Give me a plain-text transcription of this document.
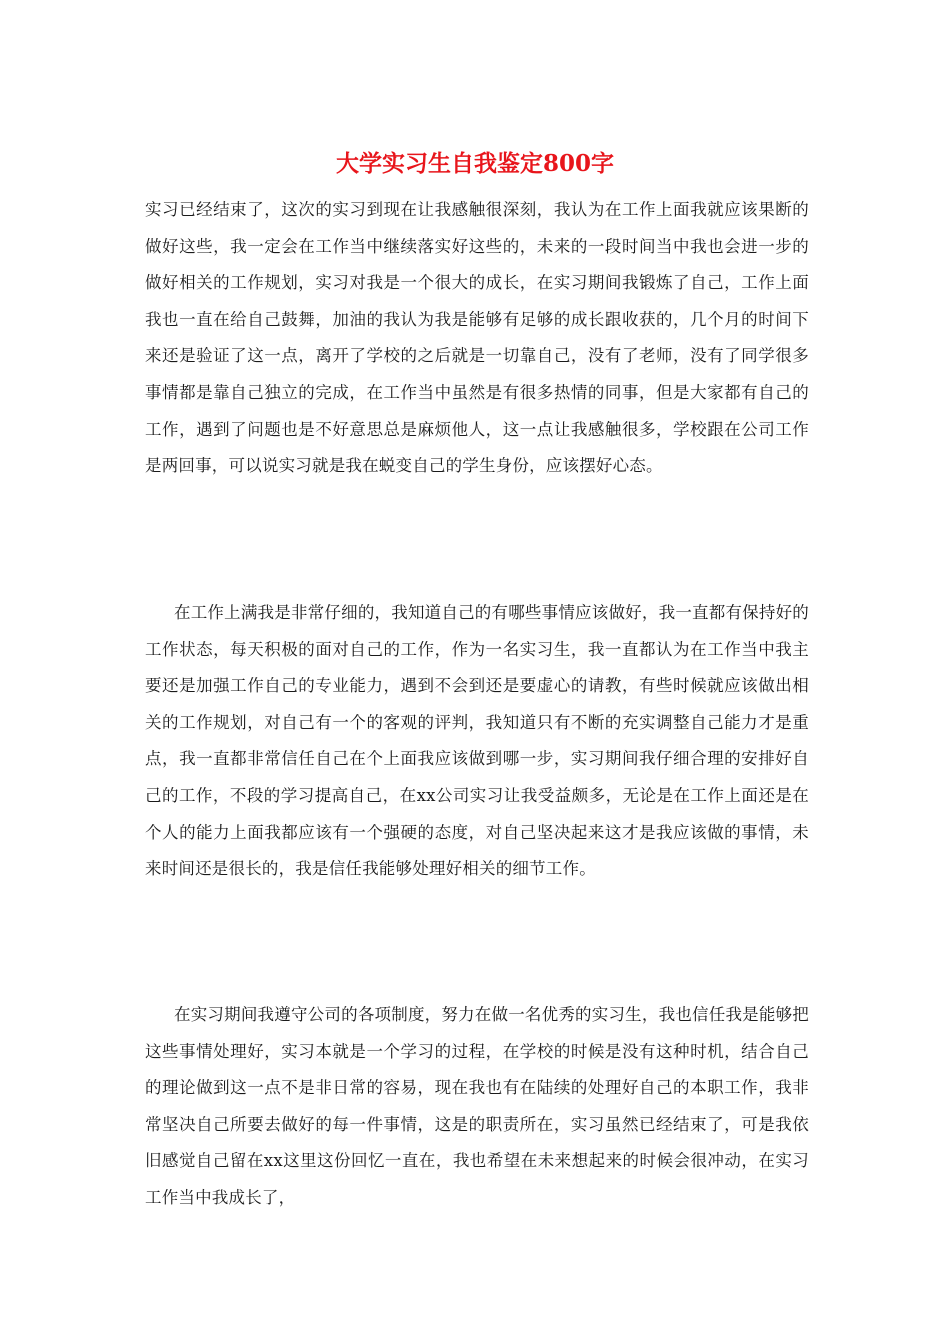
大学实习生自我鉴定800字

实习已经结束了，这次的实习到现在让我感触很深刻，我认为在工作上面我就应该果断的做好这些，我一定会在工作当中继续落实好这些的，未来的一段时间当中我也会进一步的做好相关的工作规划，实习对我是一个很大的成长，在实习期间我锻炼了自己，工作上面我也一直在给自己鼓舞，加油的我认为我是能够有足够的成长跟收获的，几个月的时间下来还是验证了这一点，离开了学校的之后就是一切靠自己，没有了老师，没有了同学很多事情都是靠自己独立的完成，在工作当中虽然是有很多热情的同事，但是大家都有自己的工作，遇到了问题也是不好意思总是麻烦他人，这一点让我感触很多，学校跟在公司工作是两回事，可以说实习就是我在蜕变自己的学生身份，应该摆好心态。

在工作上满我是非常仔细的，我知道自己的有哪些事情应该做好，我一直都有保持好的工作状态，每天积极的面对自己的工作，作为一名实习生，我一直都认为在工作当中我主要还是加强工作自己的专业能力，遇到不会到还是要虚心的请教，有些时候就应该做出相关的工作规划，对自己有一个的客观的评判，我知道只有不断的充实调整自己能力才是重点，我一直都非常信任自己在个上面我应该做到哪一步，实习期间我仔细合理的安排好自己的工作，不段的学习提高自己，在xx公司实习让我受益颇多，无论是在工作上面还是在个人的能力上面我都应该有一个强硬的态度，对自己坚决起来这才是我应该做的事情，未来时间还是很长的，我是信任我能够处理好相关的细节工作。

在实习期间我遵守公司的各项制度，努力在做一名优秀的实习生，我也信任我是能够把这些事情处理好，实习本就是一个学习的过程，在学校的时候是没有这种时机，结合自己的理论做到这一点不是非日常的容易，现在我也有在陆续的处理好自己的本职工作，我非常坚决自己所要去做好的每一件事情，这是的职责所在，实习虽然已经结束了，可是我依旧感觉自己留在xx这里这份回忆一直在，我也希望在未来想起来的时候会很冲动，在实习工作当中我成长了，
